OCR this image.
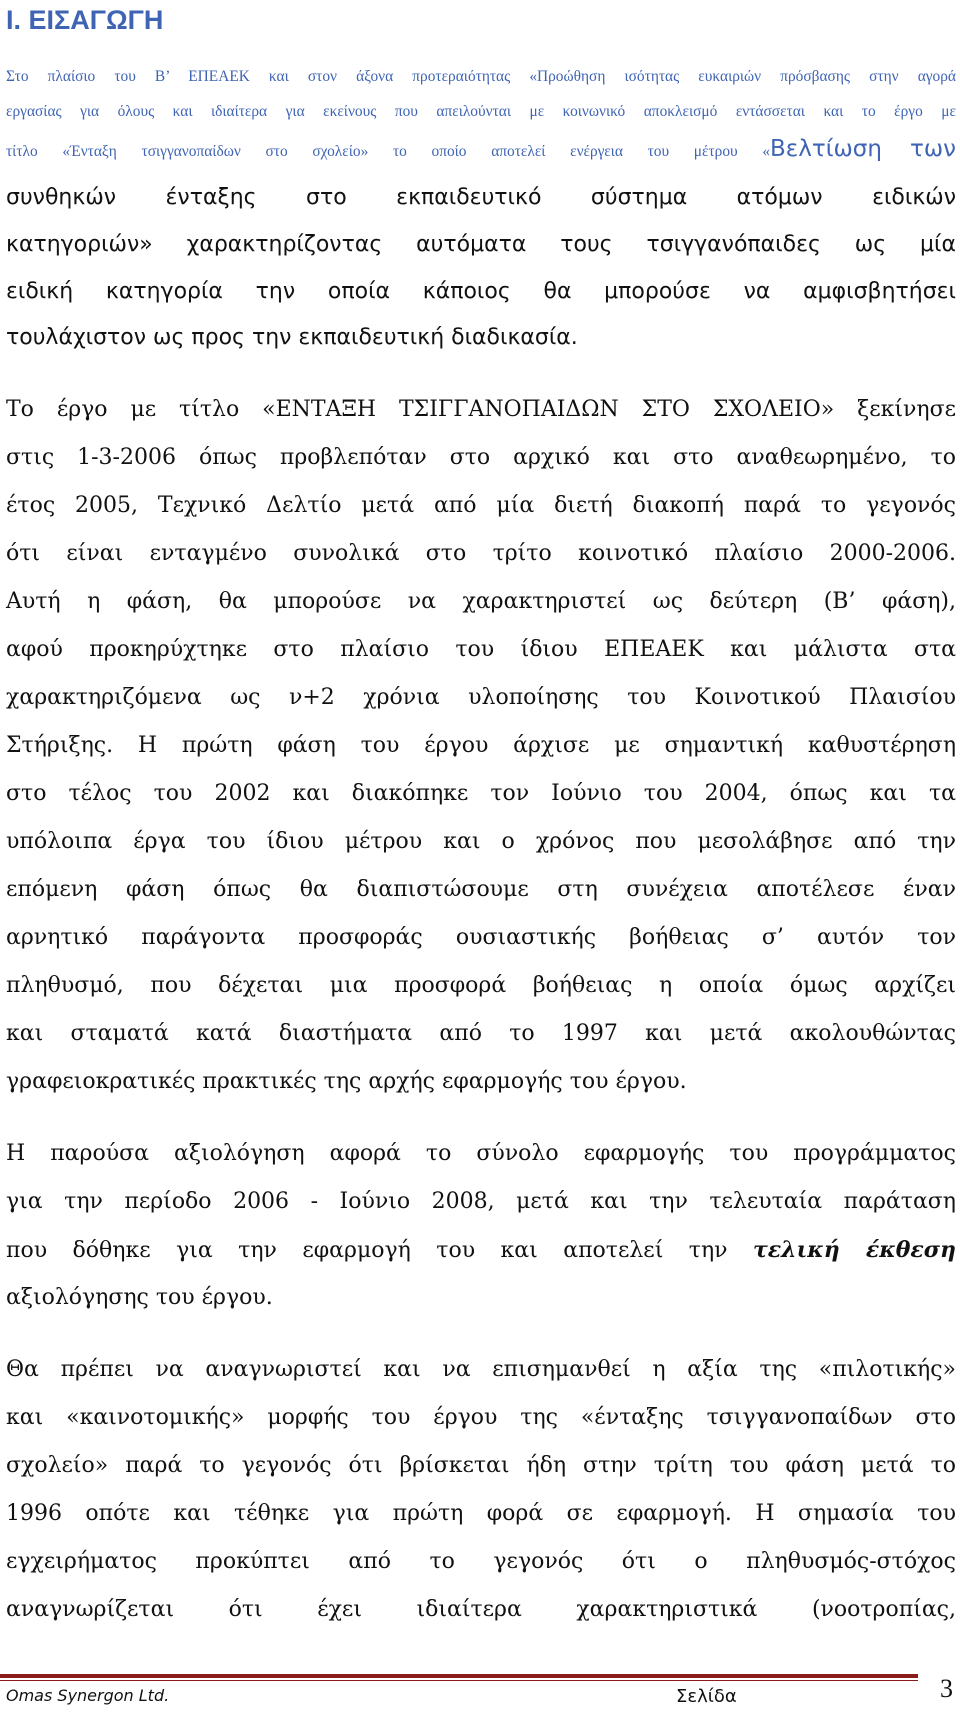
I. ΕΙΣΑΓΩΓΗ
Στο πλαίσιο του Β’ ΕΠΕΑΕΚ και στον άξονα προτεραιότητας «Προώθηση ισότητας ευκαιριών πρόσβασης στην αγορά
εργασίας για όλους και ιδιαίτερα για εκείνους που απειλούνται με κοινωνικό αποκλεισμό εντάσσεται και το έργο με
τίτλο «Ένταξη τσιγγανοπαίδων στο σχολείο» το οποίο αποτελεί ενέργεια του μέτρου «Βελτίωση των
συνθηκών ένταξης στο εκπαιδευτικό σύστημα ατόμων ειδικών
κατηγοριών» χαρακτηρίζοντας αυτόματα τους τσιγγανόπαιδες ως μία
ειδική κατηγορία την οποία κάποιος θα μπορούσε να αμφισβητήσει
τουλάχιστον ως προς την εκπαιδευτική διαδικασία.
Το έργο με τίτλο «ΕΝΤΑΞΗ ΤΣΙΓΓΑΝΟΠΑΙΔΩΝ ΣΤΟ ΣΧΟΛΕΙΟ» ξεκίνησε
στις 1-3-2006 όπως προβλεπόταν στο αρχικό και στο αναθεωρημένο, το
έτος 2005, Τεχνικό Δελτίο μετά από μία διετή διακοπή παρά το γεγονός
ότι είναι ενταγμένο συνολικά στο τρίτο κοινοτικό πλαίσιο 2000-2006.
Αυτή η φάση, θα μπορούσε να χαρακτηριστεί ως δεύτερη (Β’ φάση),
αφού προκηρύχτηκε στο πλαίσιο του ίδιου ΕΠΕΑΕΚ και μάλιστα στα
χαρακτηριζόμενα ως ν+2 χρόνια υλοποίησης του Κοινοτικού Πλαισίου
Στήριξης. Η πρώτη φάση του έργου άρχισε με σημαντική καθυστέρηση
στο τέλος του 2002 και διακόπηκε τον Ιούνιο του 2004, όπως και τα
υπόλοιπα έργα του ίδιου μέτρου και ο χρόνος που μεσολάβησε από την
επόμενη φάση όπως θα διαπιστώσουμε στη συνέχεια αποτέλεσε έναν
αρνητικό παράγοντα προσφοράς ουσιαστικής βοήθειας σ’ αυτόν τον
πληθυσμό, που δέχεται μια προσφορά βοήθειας η οποία όμως αρχίζει
και σταματά κατά διαστήματα από το 1997 και μετά ακολουθώντας
γραφειοκρατικές πρακτικές της αρχής εφαρμογής του έργου.
Η παρούσα αξιολόγηση αφορά το σύνολο εφαρμογής του προγράμματος
για την περίοδο 2006 - Ιούνιο 2008, μετά και την τελευταία παράταση
που δόθηκε για την εφαρμογή του και αποτελεί την τελική έκθεση
αξιολόγησης του έργου.
Θα πρέπει να αναγνωριστεί και να επισημανθεί η αξία της «πιλοτικής»
και «καινοτομικής» μορφής του έργου της «ένταξης τσιγγανοπαίδων στο
σχολείο» παρά το γεγονός ότι βρίσκεται ήδη στην τρίτη του φάση μετά το
1996 οπότε και τέθηκε για πρώτη φορά σε εφαρμογή. Η σημασία του
εγχειρήματος προκύπτει από το γεγονός ότι ο πληθυσμός-στόχος
αναγνωρίζεται ότι έχει ιδιαίτερα χαρακτηριστικά (νοοτροπίας,
Omas Synergon Ltd.	Σελίδα	3
